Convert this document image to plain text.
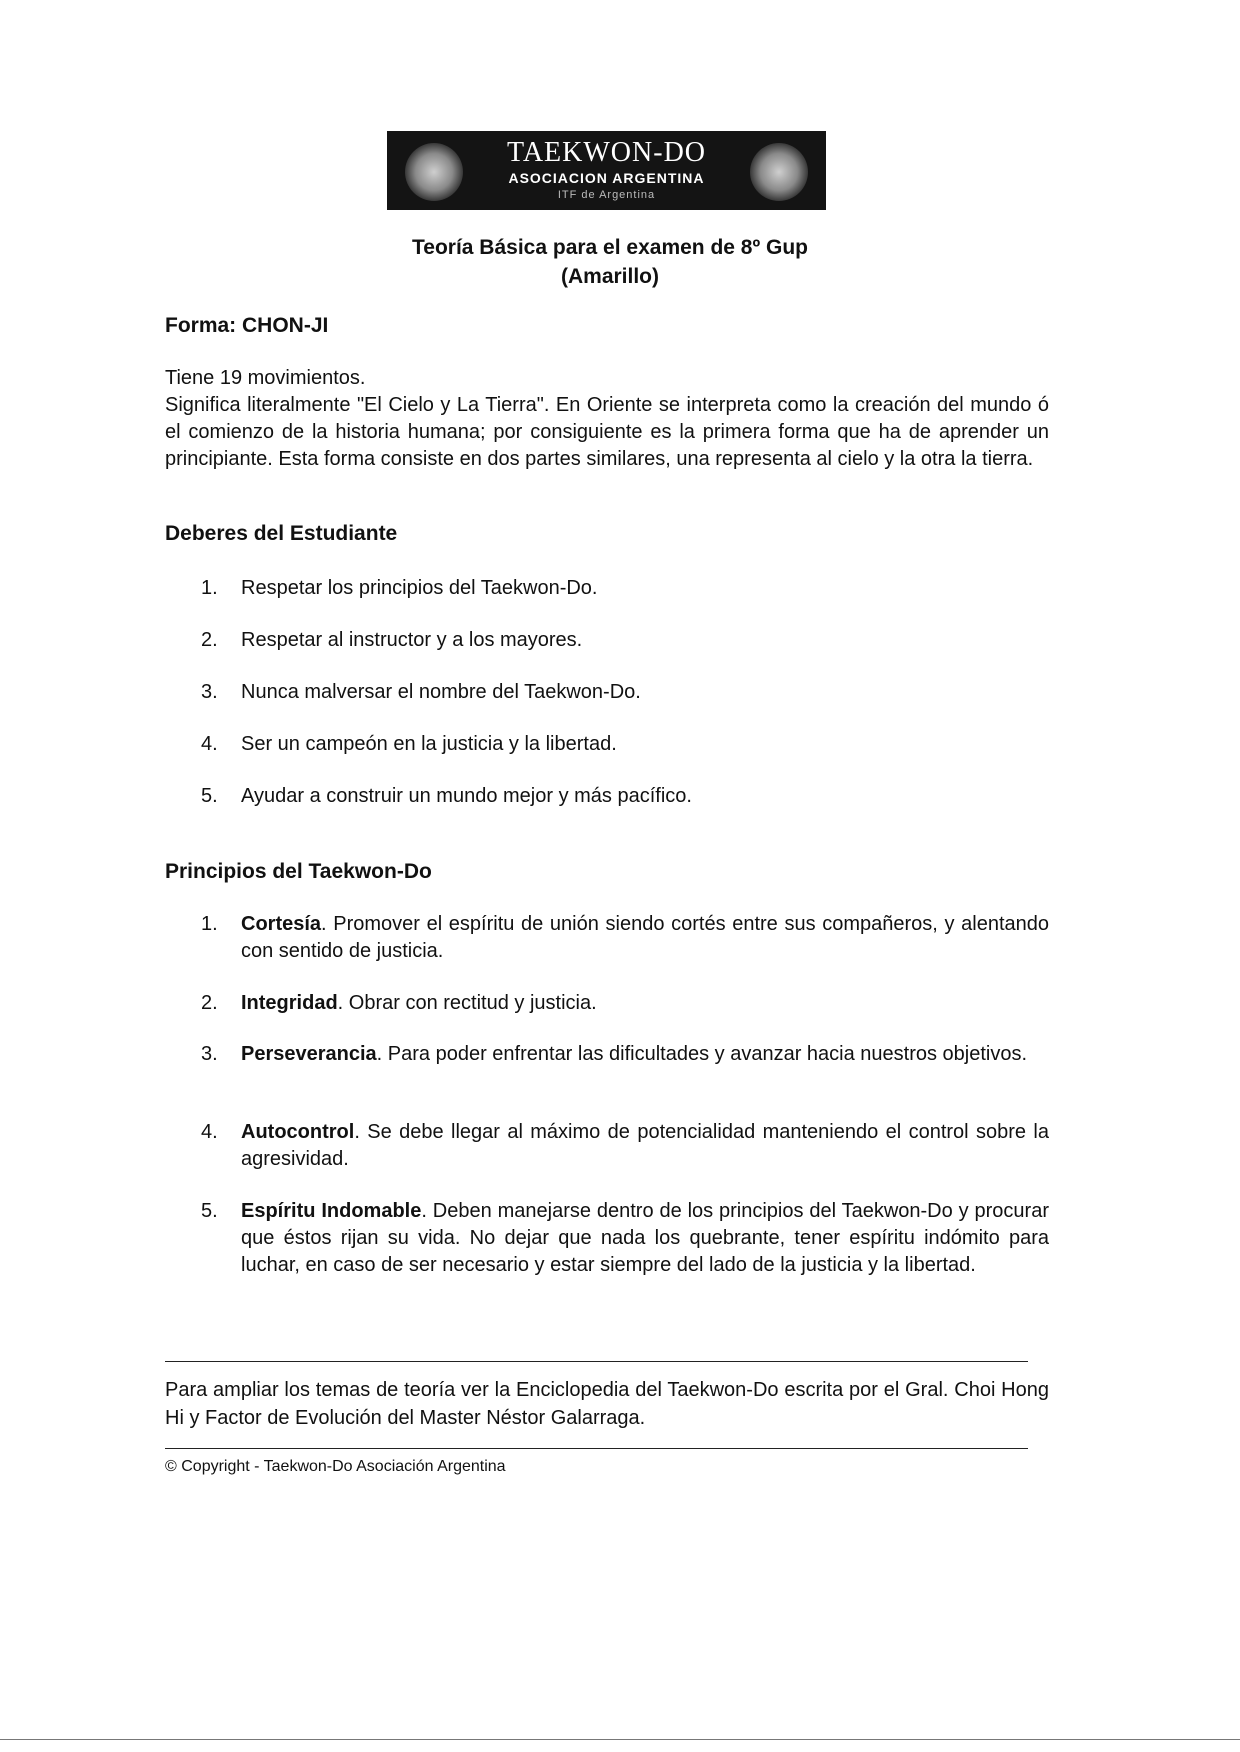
TAEKWON-DO
ASOCIACION ARGENTINA
ITF de Argentina
Teoría Básica para el examen de 8º Gup
(Amarillo)
Forma: CHON-JI
Tiene 19 movimientos.
Significa literalmente "El Cielo y La Tierra". En Oriente se interpreta como la creación del mundo ó el comienzo de la historia humana; por consiguiente es la primera forma que ha de aprender un principiante. Esta forma consiste en dos partes similares, una representa al cielo y la otra la tierra.
Deberes del Estudiante
1. Respetar los principios del Taekwon-Do.
2. Respetar al instructor y a los mayores.
3. Nunca malversar el nombre del Taekwon-Do.
4. Ser un campeón en la justicia y la libertad.
5. Ayudar a construir un mundo mejor y más pacífico.
Principios del Taekwon-Do
1. Cortesía. Promover el espíritu de unión siendo cortés entre sus compañeros, y alentando con sentido de justicia.
2. Integridad. Obrar con rectitud y justicia.
3. Perseverancia. Para poder enfrentar las dificultades y avanzar hacia nuestros objetivos.
4. Autocontrol. Se debe llegar al máximo de potencialidad manteniendo el control sobre la agresividad.
5. Espíritu Indomable. Deben manejarse dentro de los principios del Taekwon-Do y procurar que éstos rijan su vida. No dejar que nada los quebrante, tener espíritu indómito para luchar, en caso de ser necesario y estar siempre del lado de la justicia y la libertad.
Para ampliar los temas de teoría ver la Enciclopedia del Taekwon-Do escrita por el Gral. Choi Hong Hi y Factor de Evolución del Master Néstor Galarraga.
© Copyright - Taekwon-Do Asociación Argentina
